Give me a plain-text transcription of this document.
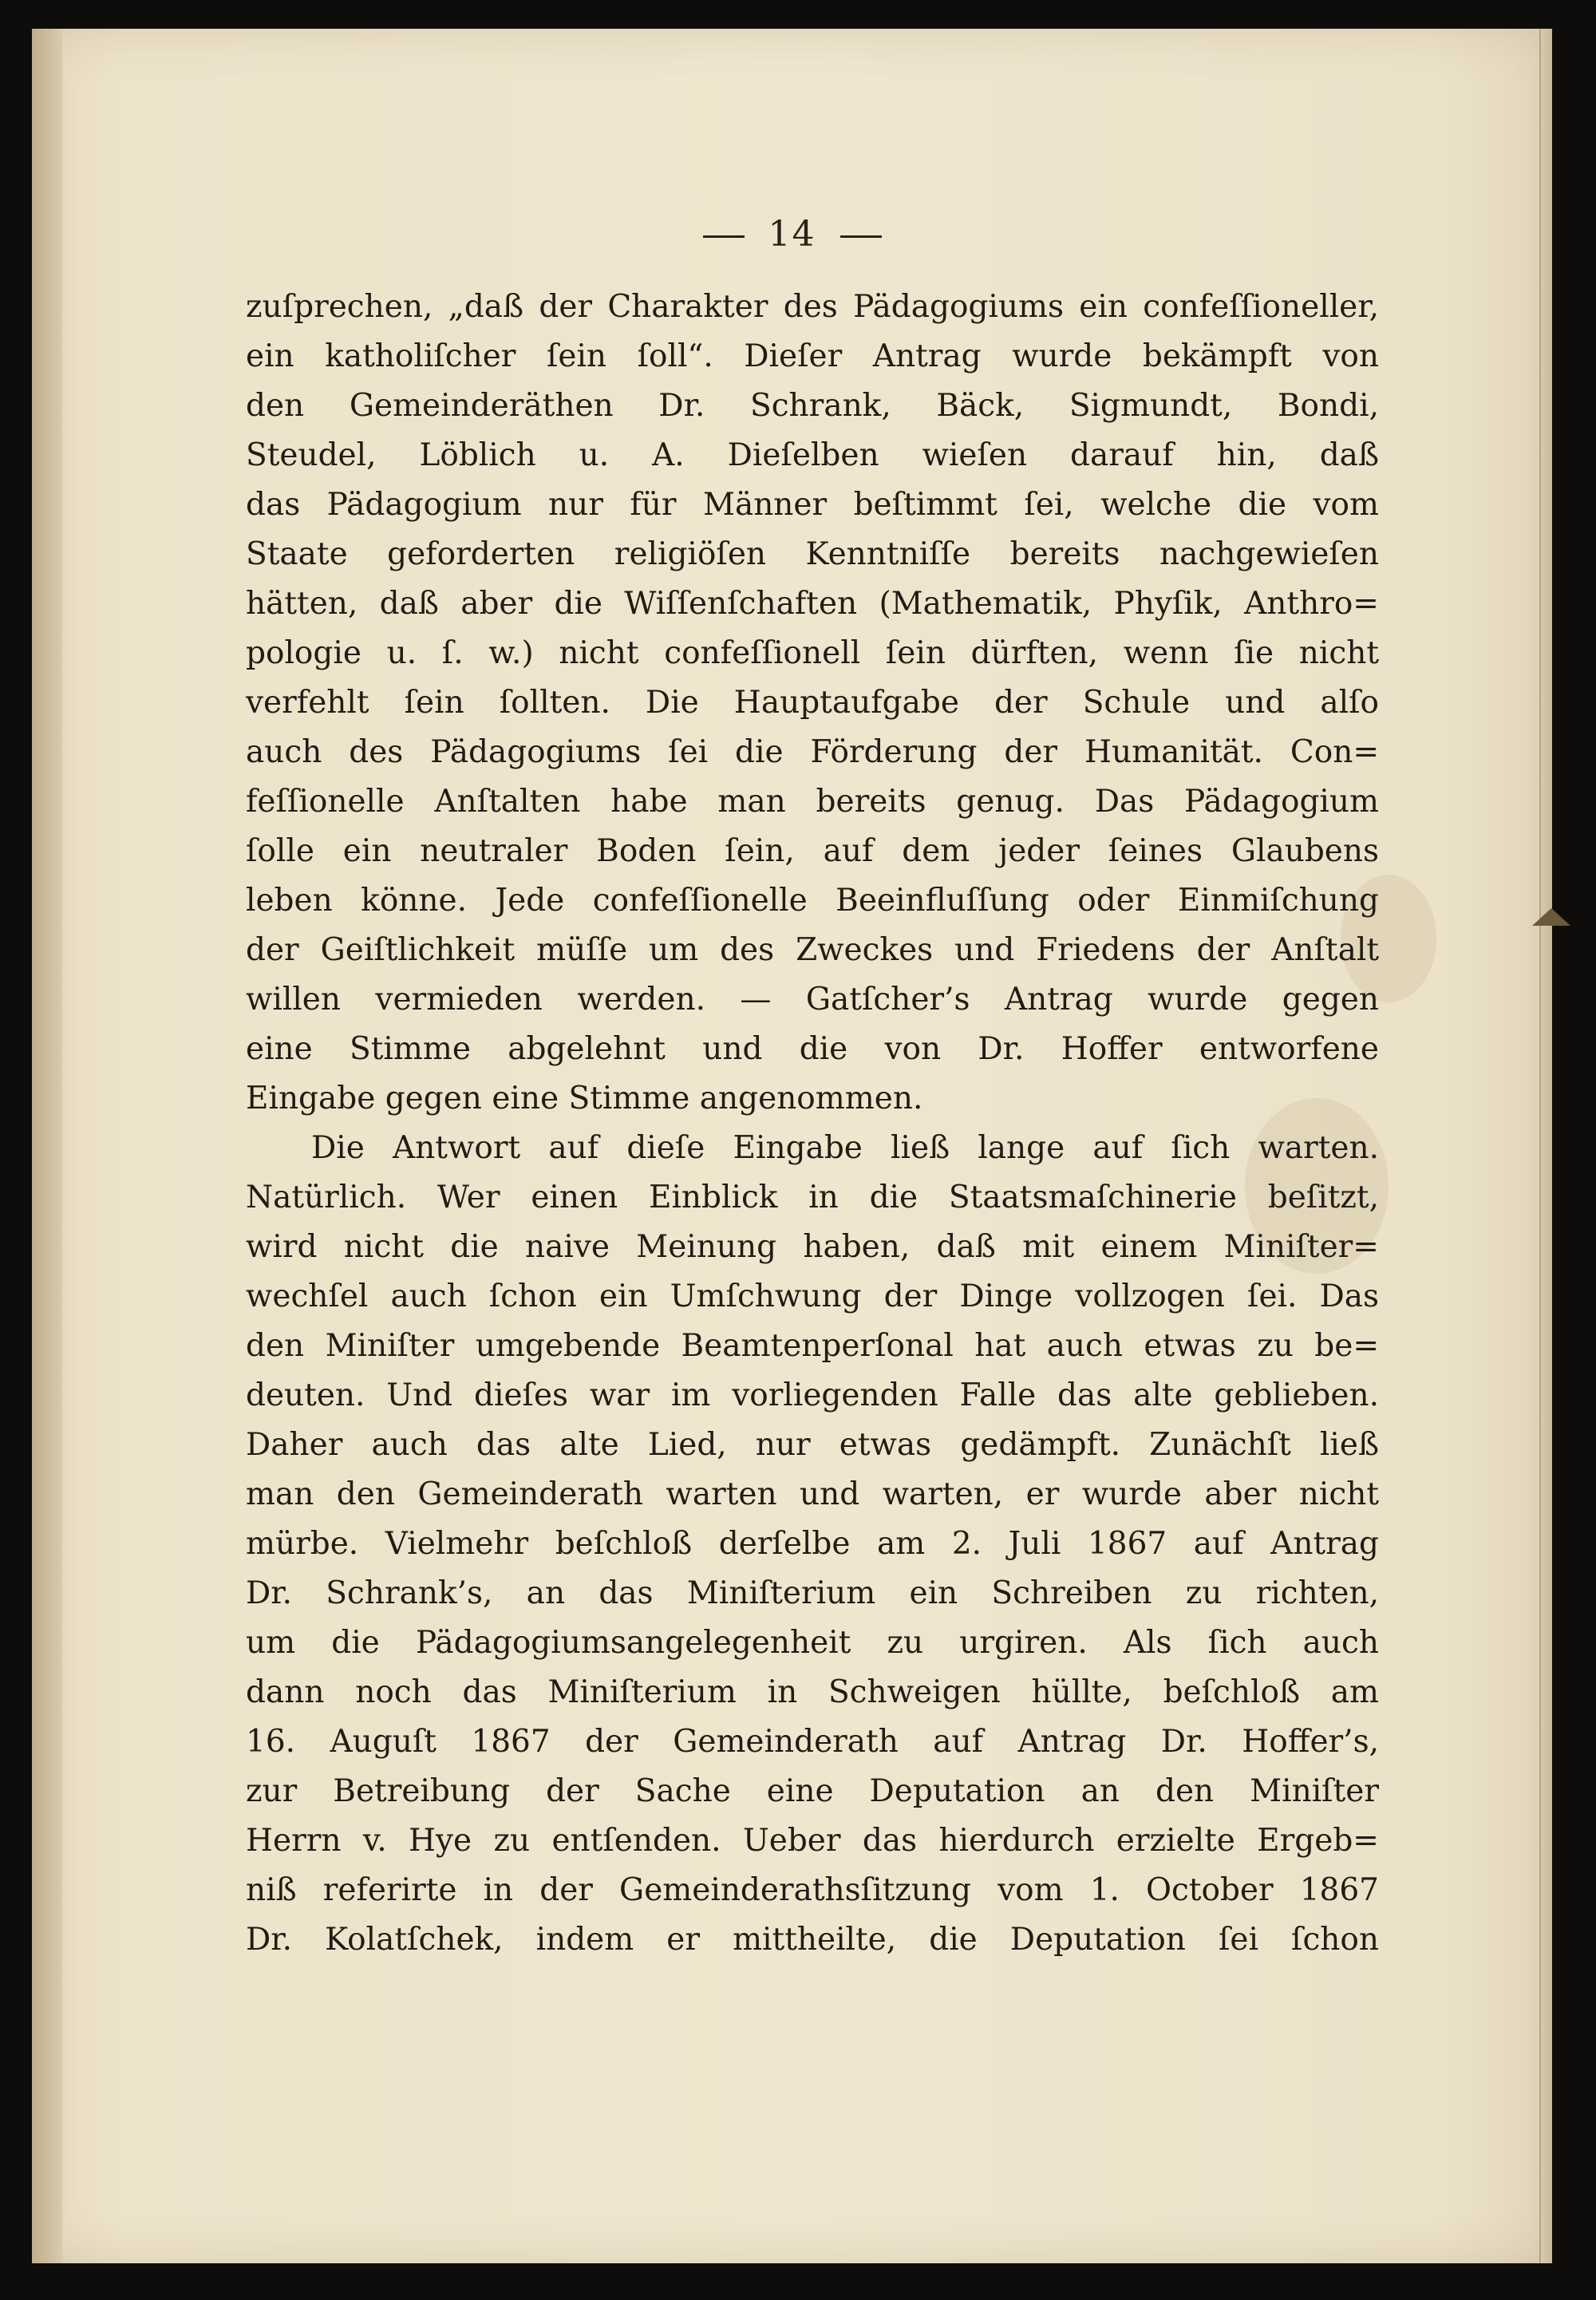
14
zuſprechen, „daß der Charakter des Pädagogiums ein confeſſioneller,
ein katholiſcher ſein ſoll“. Dieſer Antrag wurde bekämpft von
den Gemeinderäthen Dr. Schrank, Bäck, Sigmundt, Bondi,
Steudel, Löblich u. A. Dieſelben wieſen darauf hin, daß
das Pädagogium nur für Männer beſtimmt ſei, welche die vom
Staate geforderten religiöſen Kenntniſſe bereits nachgewieſen
hätten, daß aber die Wiſſenſchaften (Mathematik, Phyſik, Anthro=
pologie u. ſ. w.) nicht confeſſionell ſein dürften, wenn ſie nicht
verfehlt ſein ſollten. Die Hauptaufgabe der Schule und alſo
auch des Pädagogiums ſei die Förderung der Humanität. Con=
feſſionelle Anſtalten habe man bereits genug. Das Pädagogium
ſolle ein neutraler Boden ſein, auf dem jeder ſeines Glaubens
leben könne. Jede confeſſionelle Beeinfluſſung oder Einmiſchung
der Geiſtlichkeit müſſe um des Zweckes und Friedens der Anſtalt
willen vermieden werden. — Gatſcher’s Antrag wurde gegen
eine Stimme abgelehnt und die von Dr. Hoffer entworfene
Eingabe gegen eine Stimme angenommen.
Die Antwort auf dieſe Eingabe ließ lange auf ſich warten.
Natürlich. Wer einen Einblick in die Staatsmaſchinerie beſitzt,
wird nicht die naive Meinung haben, daß mit einem Miniſter=
wechſel auch ſchon ein Umſchwung der Dinge vollzogen ſei. Das
den Miniſter umgebende Beamtenperſonal hat auch etwas zu be=
deuten. Und dieſes war im vorliegenden Falle das alte geblieben.
Daher auch das alte Lied, nur etwas gedämpft. Zunächſt ließ
man den Gemeinderath warten und warten, er wurde aber nicht
mürbe. Vielmehr beſchloß derſelbe am 2. Juli 1867 auf Antrag
Dr. Schrank’s, an das Miniſterium ein Schreiben zu richten,
um die Pädagogiumsangelegenheit zu urgiren. Als ſich auch
dann noch das Miniſterium in Schweigen hüllte, beſchloß am
16. Auguſt 1867 der Gemeinderath auf Antrag Dr. Hoffer’s,
zur Betreibung der Sache eine Deputation an den Miniſter
Herrn v. Hye zu entſenden. Ueber das hierdurch erzielte Ergeb=
niß referirte in der Gemeinderathsſitzung vom 1. October 1867
Dr. Kolatſchek, indem er mittheilte, die Deputation ſei ſchon
